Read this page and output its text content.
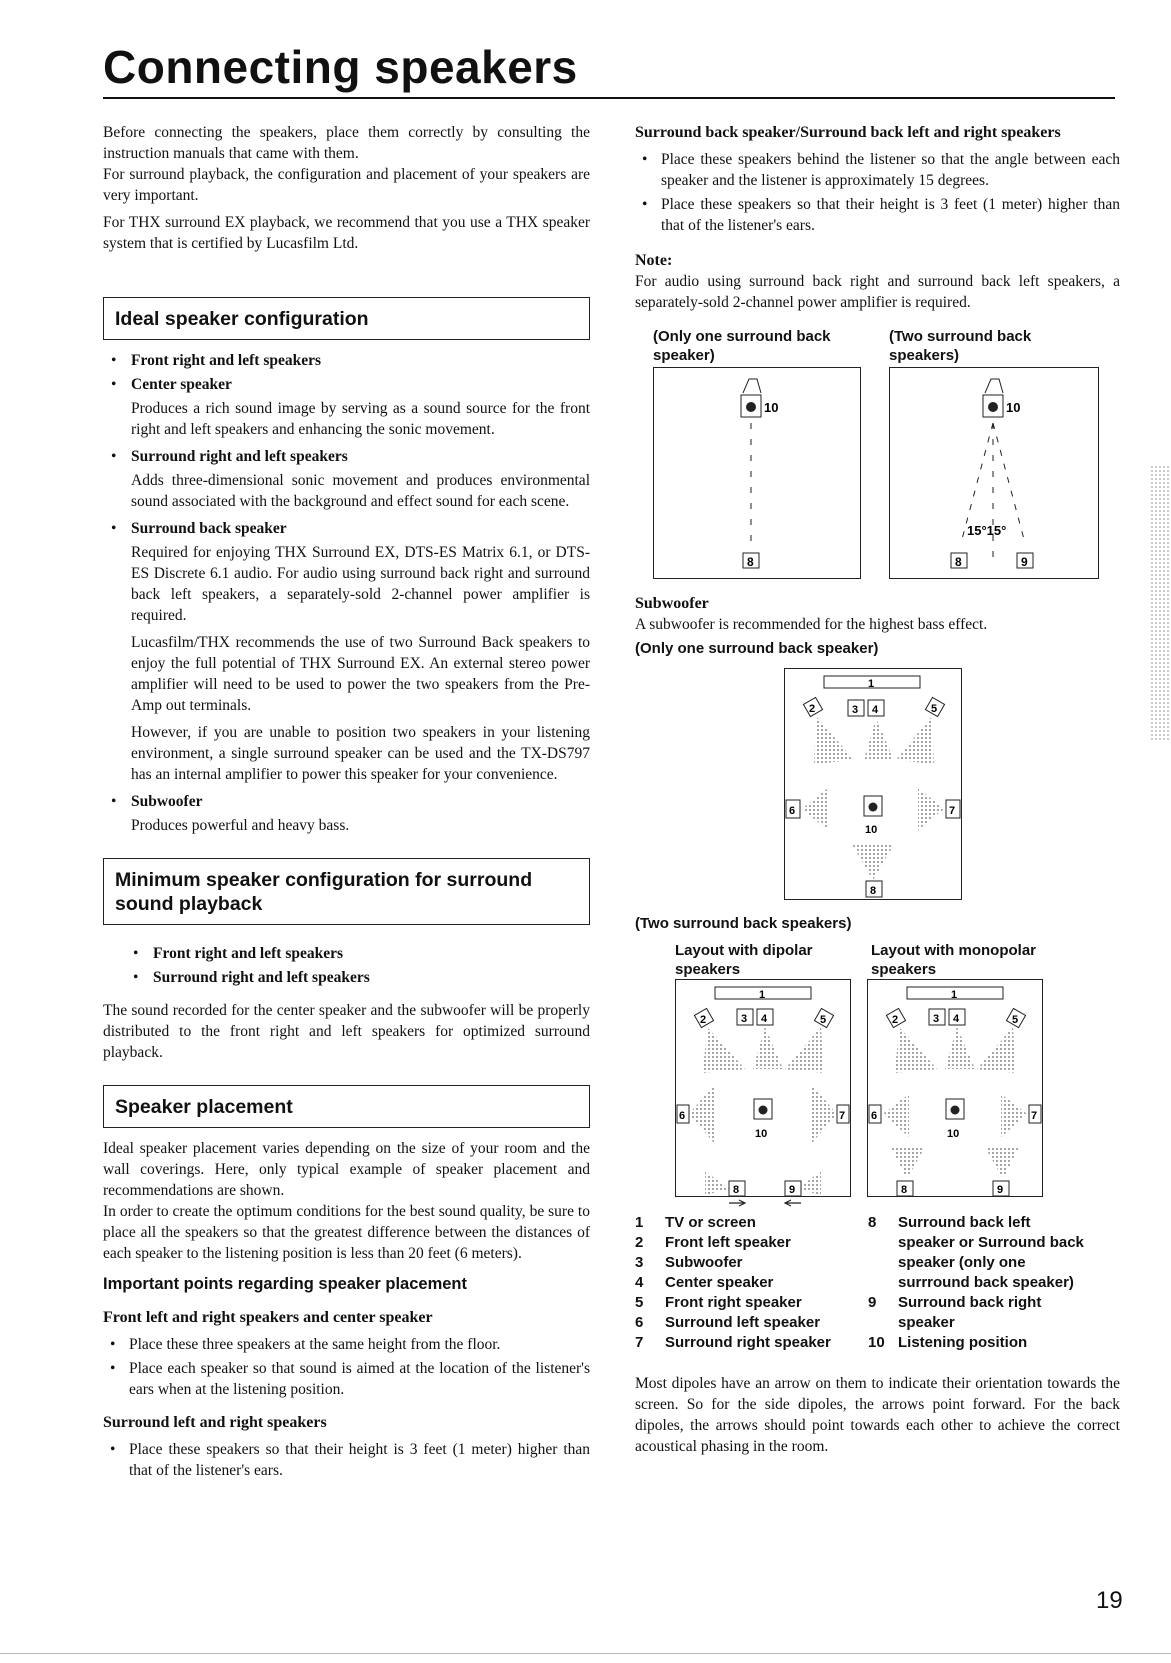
Connecting speakers

Before connecting the speakers, place them correctly by consulting the instruction manuals that came with them.

For surround playback, the configuration and placement of your speakers are very important.

For THX surround EX playback, we recommend that you use a THX speaker system that is certified by Lucasfilm Ltd.

Ideal speaker configuration
• Front right and left speakers
• Center speaker

Produces a rich sound image by serving as a sound source for the front right and left speakers and enhancing the sonic movement.

• Surround right and left speakers

Adds three-dimensional sonic movement and produces environmental sound associated with the background and effect sound for each scene.

• Surround back speaker

Required for enjoying THX Surround EX, DTS-ES Matrix 6.1, or DTS-ES Discrete 6.1 audio. For audio using surround back right and surround back left speakers, a separately-sold 2-channel power amplifier is required.

Lucasfilm/THX recommends the use of two Surround Back speakers to enjoy the full potential of THX Surround EX. An external stereo power amplifier will need to be used to power the two speakers from the Pre-Amp out terminals.

However, if you are unable to position two speakers in your listening environment, a single surround speaker can be used and the TX-DS797 has an internal amplifier to power this speaker for your convenience.

• Subwoofer

Produces powerful and heavy bass.

Minimum speaker configuration for surround
sound playback
• Front right and left speakers
• Surround right and left speakers

The sound recorded for the center speaker and the subwoofer will be properly distributed to the front right and left speakers for optimized surround playback.

Speaker placement

Ideal speaker placement varies depending on the size of your room and the wall coverings. Here, only typical example of speaker placement and recommendations are shown.

In order to create the optimum conditions for the best sound quality, be sure to place all the speakers so that the greatest difference between the distances of each speaker to the listening position is less than 20 feet (6 meters).

Important points regarding speaker placement

Front left and right speakers and center speaker

• Place these three speakers at the same height from the floor.
• Place each speaker so that sound is aimed at the location of the listener's ears when at the listening position.

Surround left and right speakers

• Place these speakers so that their height is 3 feet (1 meter) higher than that of the listener's ears.

Surround back speaker/Surround back left and right speakers

• Place these speakers behind the listener so that the angle between each speaker and the listener is approximately 15 degrees.
• Place these speakers so that their height is 3 feet (1 meter) higher than that of the listener's ears.

Note:

For audio using surround back right and surround back left speakers, a separately-sold 2-channel power amplifier is required.

(Only one surround back
speaker)
(Two surround back
speakers)
10
8
10
15°15°
8	9

Subwoofer

A subwoofer is recommended for the highest bass effect.

(Only one surround back speaker)

1
2	3 4	5
6	7
10
8

(Two surround back speakers)

Layout with dipolar
speakers
Layout with monopolar
speakers
1
2	3 4	5
6	7
10
8	9
1
2	3 4	5
6	7
10
8	9
1	TV or screen
2	Front left speaker
3	Subwoofer
4	Center speaker
5	Front right speaker
6	Surround left speaker
7	Surround right speaker
8	Surround back left
speaker or Surround back
speaker (only one
surrround back speaker)
9	Surround back right
speaker
10 Listening position

Most dipoles have an arrow on them to indicate their orientation towards the screen. So for the side dipoles, the arrows point forward. For the back dipoles, the arrows should point towards each other to achieve the correct acoustical phasing in the room.

19
